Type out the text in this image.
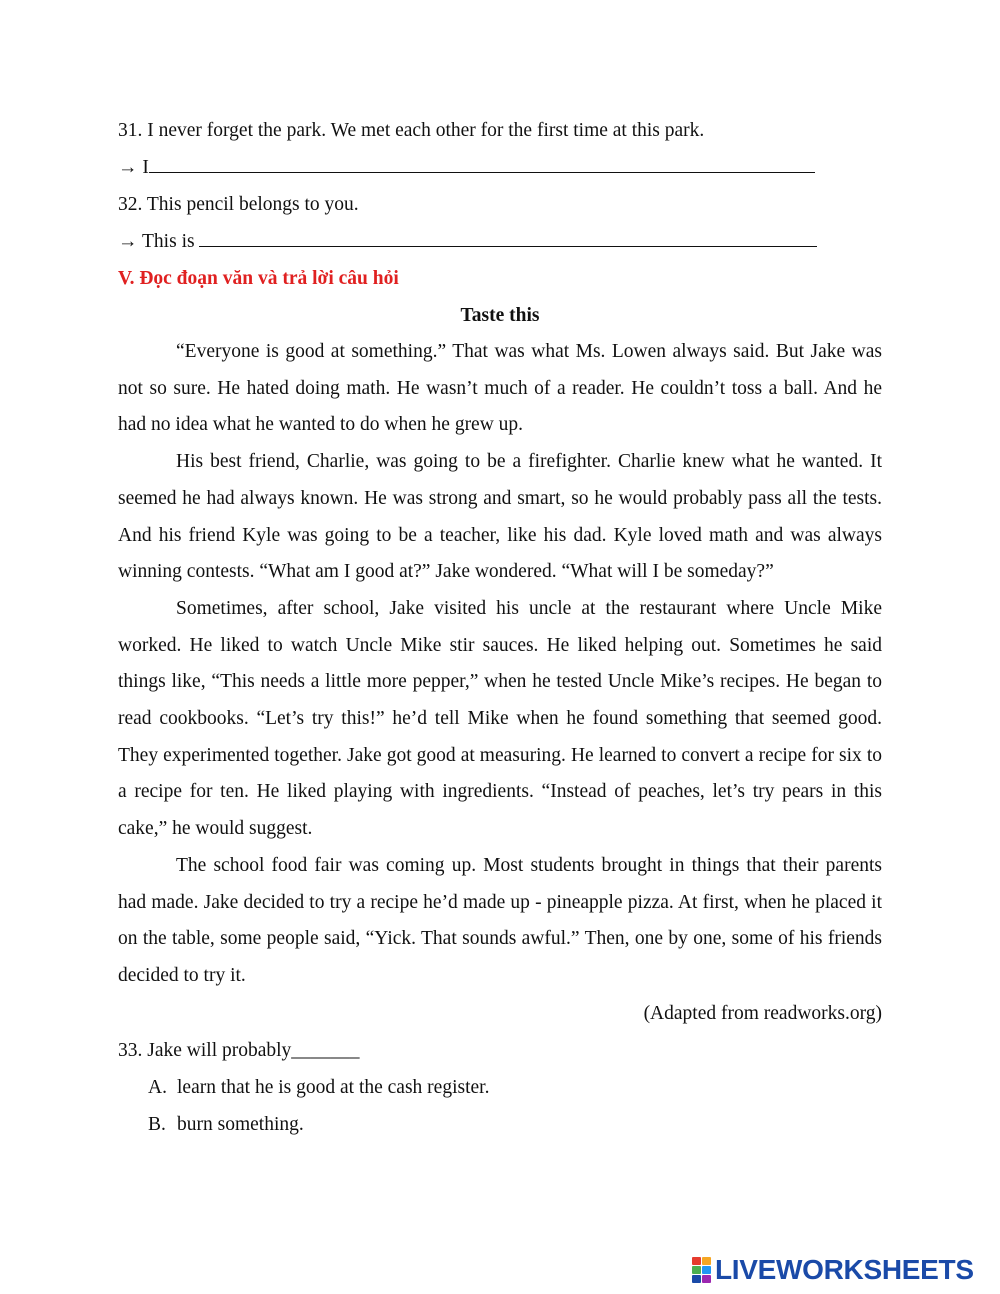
31. I never forget the park. We met each other for the first time at this park.
→ I
32. This pencil belongs to you.
→ This is
V. Đọc đoạn văn và trả lời câu hỏi
Taste this

“Everyone is good at something.” That was what Ms. Lowen always said. But Jake was not so sure. He hated doing math. He wasn’t much of a reader. He couldn’t toss a ball. And he had no idea what he wanted to do when he grew up.

His best friend, Charlie, was going to be a firefighter. Charlie knew what he wanted. It seemed he had always known. He was strong and smart, so he would probably pass all the tests. And his friend Kyle was going to be a teacher, like his dad. Kyle loved math and was always winning contests. “What am I good at?” Jake wondered. “What will I be someday?”

Sometimes, after school, Jake visited his uncle at the restaurant where Uncle Mike worked. He liked to watch Uncle Mike stir sauces. He liked helping out. Sometimes he said things like, “This needs a little more pepper,” when he tested Uncle Mike’s recipes. He began to read cookbooks. “Let’s try this!” he’d tell Mike when he found something that seemed good. They experimented together. Jake got good at measuring. He learned to convert a recipe for six to a recipe for ten. He liked playing with ingredients. “Instead of peaches, let’s try pears in this cake,” he would suggest.

The school food fair was coming up. Most students brought in things that their parents had made. Jake decided to try a recipe he’d made up - pineapple pizza. At first, when he placed it on the table, some people said, “Yick. That sounds awful.” Then, one by one, some of his friends decided to try it.

(Adapted from readworks.org)
33. Jake will probably_______
A. learn that he is good at the cash register.
B. burn something.
LIVEWORKSHEETS
